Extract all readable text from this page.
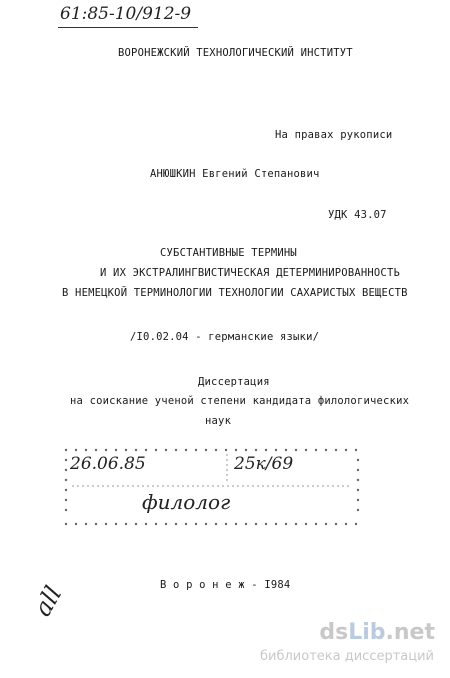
61:85-10/912-9
ВОРОНЕЖСКИЙ ТЕХНОЛОГИЧЕСКИЙ ИНСТИТУТ
На правах рукописи
АНЮШКИН Евгений Степанович
УДК 43.07
СУБСТАНТИВНЫЕ ТЕРМИНЫ
И ИХ ЭКСТРАЛИНГВИСТИЧЕСКАЯ ДЕТЕРМИНИРОВАННОСТЬ
В НЕМЕЦКОЙ ТЕРМИНОЛОГИИ ТЕХНОЛОГИИ САХАРИСТЫХ ВЕЩЕСТВ
/I0.02.04 - германские языки/
Диссертация
на соискание ученой степени кандидата филологических
наук
26.06.85	25к/69
филолог
В о р о н е ж - I984
all
dsLib.net
библиотека диссертаций
